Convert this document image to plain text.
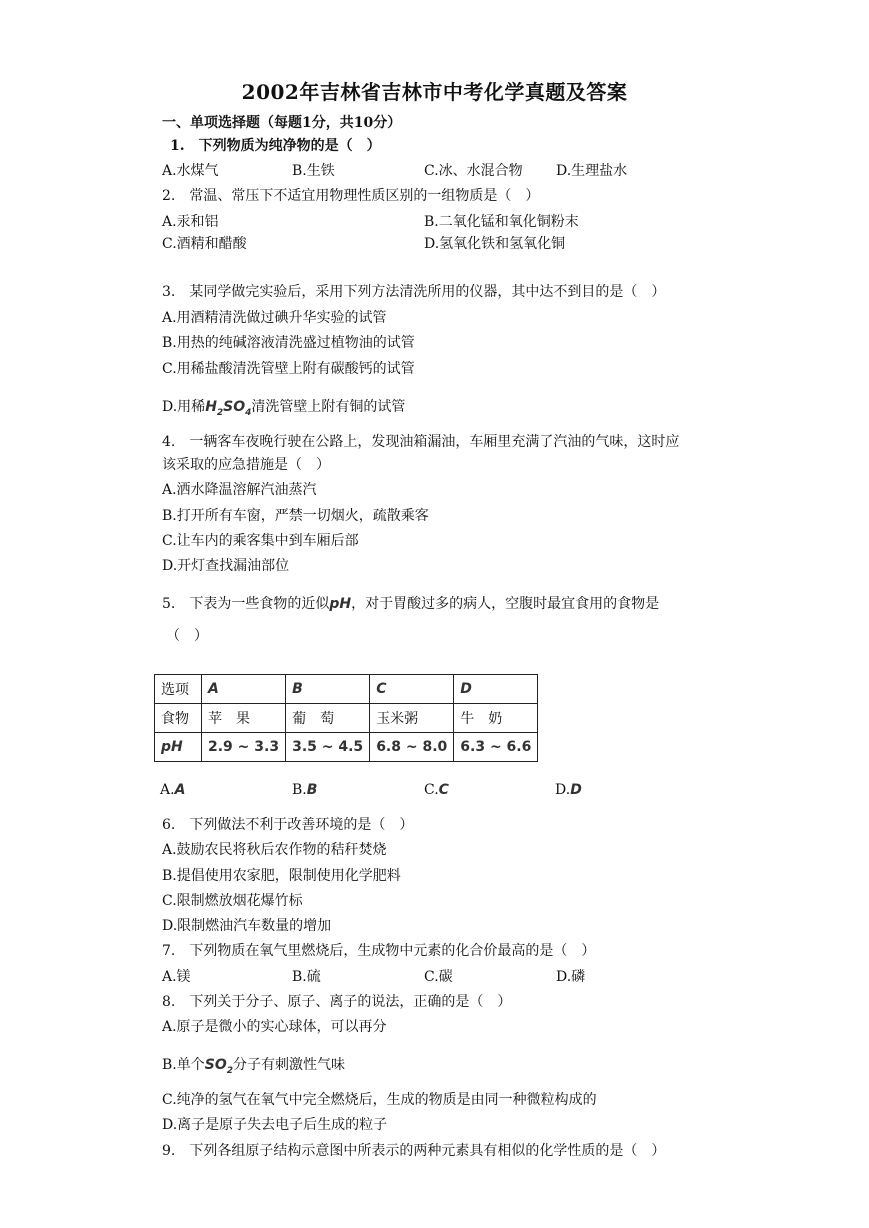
2002年吉林省吉林市中考化学真题及答案
一、单项选择题（每题1分，共10分）
1.　下列物质为纯净物的是（　）
A.水煤气	B.生铁	C.冰、水混合物 D.生理盐水
2.　常温、常压下不适宜用物理性质区别的一组物质是（　）
A.汞和铝	B.二氧化锰和氧化铜粉末
C.酒精和醋酸	D.氢氧化铁和氢氧化铜
3.　某同学做完实验后，采用下列方法清洗所用的仪器，其中达不到目的是（　）
A.用酒精清洗做过碘升华实验的试管
B.用热的纯碱溶液清洗盛过植物油的试管
C.用稀盐酸清洗管壁上附有碳酸钙的试管
D.用稀$H_2SO_4$清洗管壁上附有铜的试管
4.　一辆客车夜晚行驶在公路上，发现油箱漏油，车厢里充满了汽油的气味，这时应
该采取的应急措施是（　）
A.洒水降温溶解汽油蒸汽
B.打开所有车窗，严禁一切烟火，疏散乘客
C.让车内的乘客集中到车厢后部
D.开灯查找漏油部位
5.　下表为一些食物的近似pH，对于胃酸过多的病人，空腹时最宜食用的食物是
（　）
选项	A	B	C	D
食物	苹　果	葡　萄	玉米粥	牛　奶
pH	2.9 ~ 3.3	3.5 ~ 4.5	6.8 ~ 8.0	6.3 ~ 6.6
A.A	B.B	C.C	D.D
6.　下列做法不利于改善环境的是（　）
A.鼓励农民将秋后农作物的秸秆焚烧
B.提倡使用农家肥，限制使用化学肥料
C.限制燃放烟花爆竹标
D.限制燃油汽车数量的增加
7.　下列物质在氧气里燃烧后，生成物中元素的化合价最高的是（　）
A.镁	B.硫	C.碳	D.磷
8.　下列关于分子、原子、离子的说法，正确的是（　）
A.原子是微小的实心球体，可以再分
B.单个$SO_2$分子有刺激性气味
C.纯净的氢气在氧气中完全燃烧后，生成的物质是由同一种微粒构成的
D.离子是原子失去电子后生成的粒子
9.　下列各组原子结构示意图中所表示的两种元素具有相似的化学性质的是（　）
